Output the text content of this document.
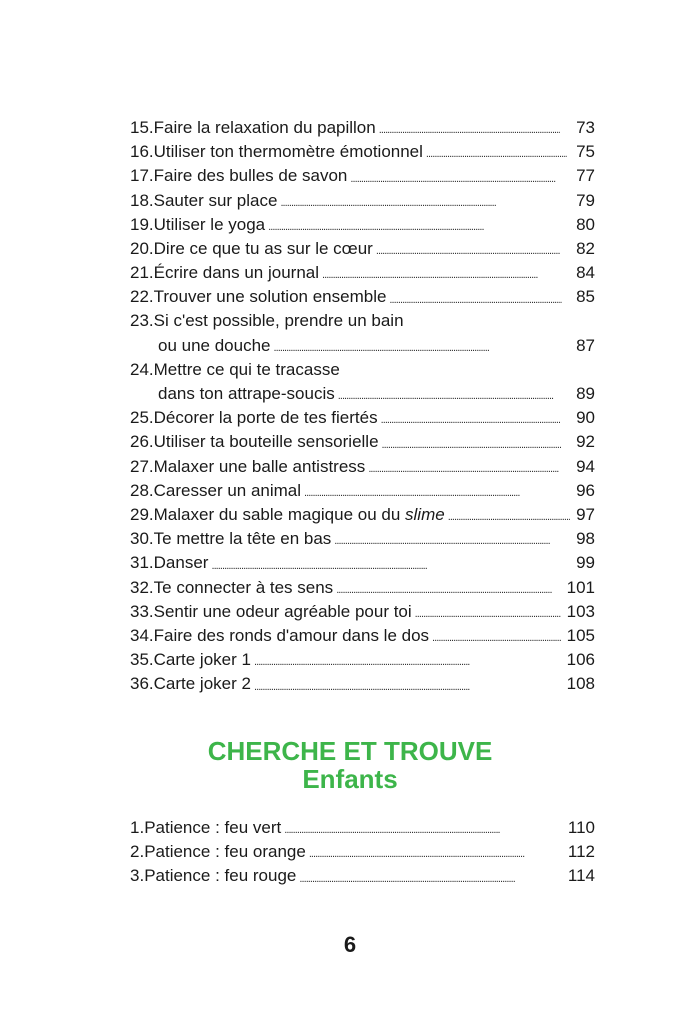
15. Faire la relaxation du papillon . . .	73
16. Utiliser ton thermomètre émotionnel . . .	75
17. Faire des bulles de savon . . .	77
18. Sauter sur place . . .	79
19. Utiliser le yoga . . .	80
20. Dire ce que tu as sur le cœur . . .	82
21. Écrire dans un journal . . .	84
22. Trouver une solution ensemble . . .	85
23. Si c'est possible, prendre un bain
ou une douche . . .	87
24. Mettre ce qui te tracasse
dans ton attrape-soucis . . .	89
25. Décorer la porte de tes fiertés . . .	90
26. Utiliser ta bouteille sensorielle . . .	92
27. Malaxer une balle antistress . . .	94
28. Caresser un animal . . .	96
29. Malaxer du sable magique ou du slime . . .	97
30. Te mettre la tête en bas . . .	98
31. Danser . . .	99
32. Te connecter à tes sens . . .	101
33. Sentir une odeur agréable pour toi . . .	103
34. Faire des ronds d'amour dans le dos . . .	105
35. Carte joker 1 . . .	106
36. Carte joker 2 . . .	108
CHERCHE ET TROUVE
Enfants
1. Patience : feu vert . . .	110
2. Patience : feu orange . . .	112
3. Patience : feu rouge . . .	114
6
